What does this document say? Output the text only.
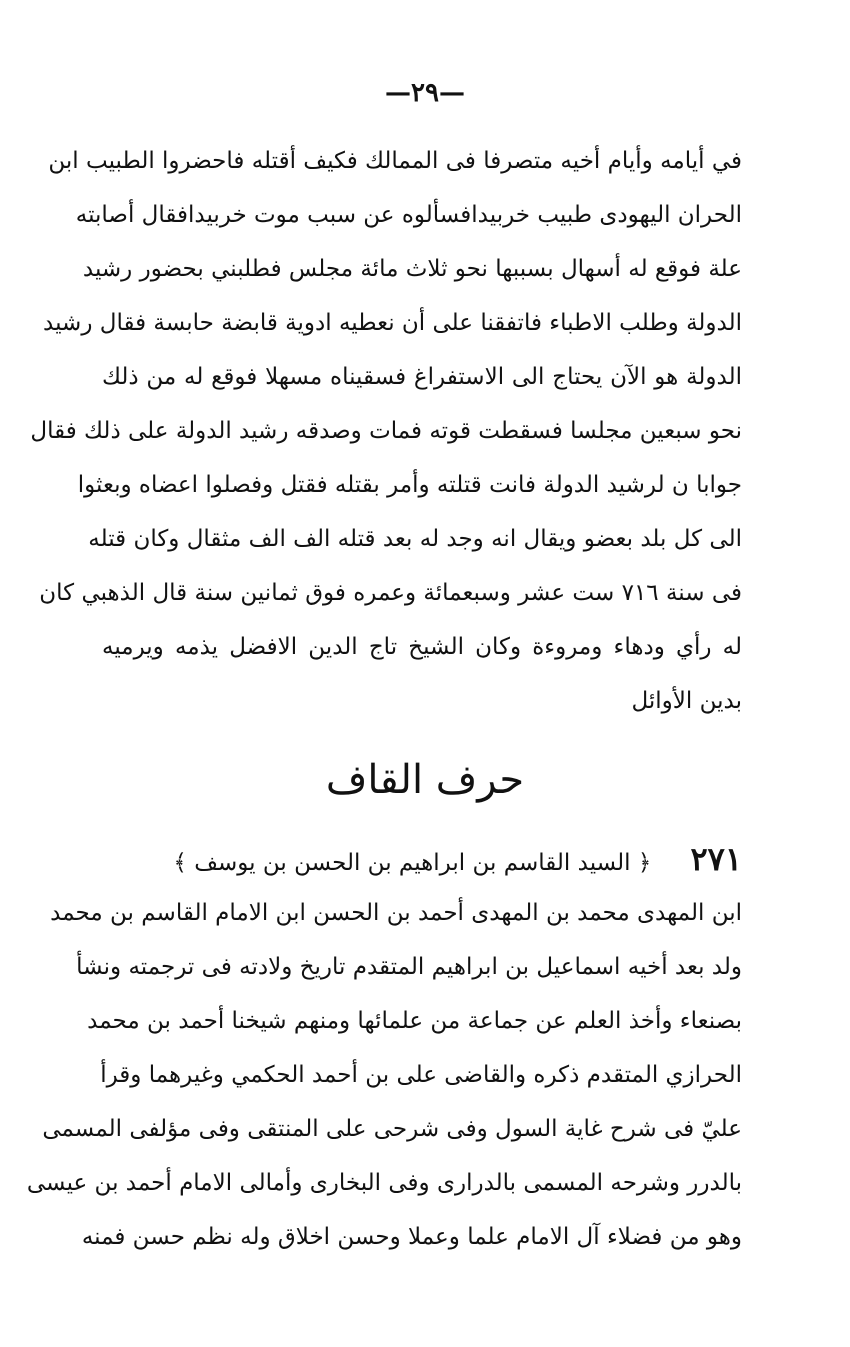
—٢٩—
في أيامه وأيام أخيه متصرفا فى الممالك فكيف أقتله فاحضروا الطبيب ابن
الحران اليهودى طبيب خربيدافسألوه عن سبب موت خربيدافقال أصابته
علة فوقع له أسهال بسببها نحو ثلاث مائة مجلس فطلبني بحضور رشيد
الدولة وطلب الاطباء فاتفقنا على أن نعطيه ادوية قابضة حابسة فقال رشيد
الدولة هو الآن يحتاج الى الاستفراغ فسقيناه مسهلا فوقع له من ذلك
نحو سبعين مجلسا فسقطت قوته فمات وصدقه رشيد الدولة على ذلك فقال
جوابا ن لرشيد الدولة فانت قتلته وأمر بقتله فقتل وفصلوا اعضاه وبعثوا
الى كل بلد بعضو ويقال انه وجد له بعد قتله الف الف مثقال وكان قتله
فى سنة ٧١٦ ست عشر وسبعمائة وعمره فوق ثمانين سنة قال الذهبي كان
له رأي ودهاء ومروءة وكان الشيخ تاج الدين الافضل يذمه ويرميه
بدين الأوائل
حرف القاف
٢٧١ ﴿ السيد القاسم بن ابراهيم بن الحسن بن يوسف ﴾
ابن المهدى محمد بن المهدى أحمد بن الحسن ابن الامام القاسم بن محمد
ولد بعد أخيه اسماعيل بن ابراهيم المتقدم تاريخ ولادته فى ترجمته ونشأ
بصنعاء وأخذ العلم عن جماعة من علمائها ومنهم شيخنا أحمد بن محمد
الحرازي المتقدم ذكره والقاضى على بن أحمد الحكمي وغيرهما وقرأ
عليّ فى شرح غاية السول وفى شرحى على المنتقى وفى مؤلفى المسمى
بالدرر وشرحه المسمى بالدرارى وفى البخارى وأمالى الامام أحمد بن عيسى
وهو من فضلاء آل الامام علما وعملا وحسن اخلاق وله نظم حسن فمنه
